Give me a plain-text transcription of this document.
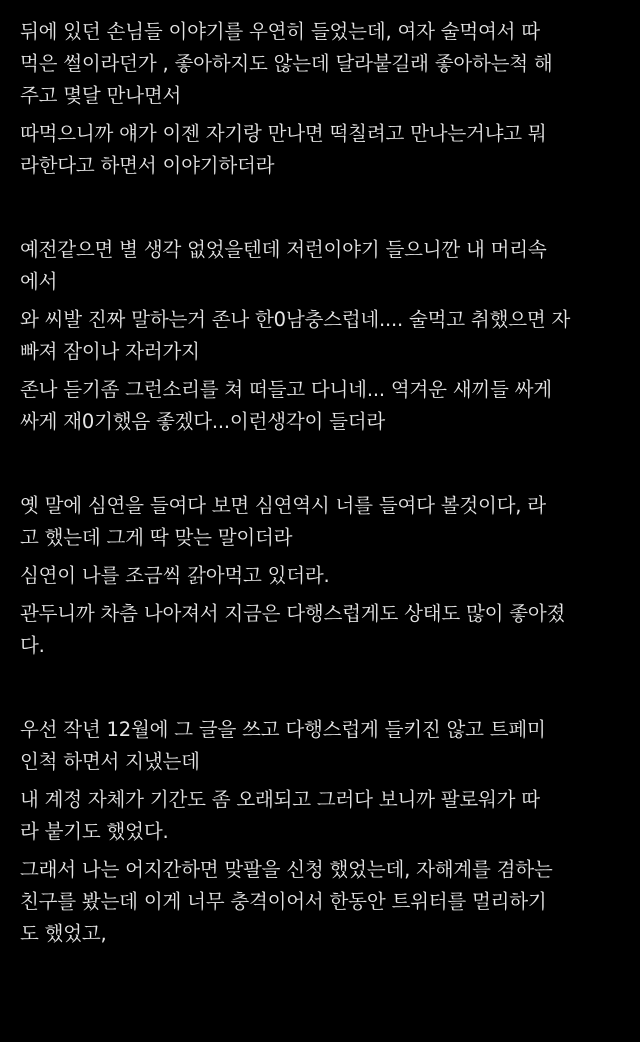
뒤에 있던 손님들 이야기를 우연히 들었는데, 여자 술먹여서 따
먹은 썰이라던가 , 좋아하지도 않는데 달라붙길래 좋아하는척 해
주고 몇달 만나면서

따먹으니까 얘가 이젠 자기랑 만나면 떡칠려고 만나는거냐고 뭐
라한다고 하면서 이야기하더라

예전같으면 별 생각 없었을텐데 저런이야기 들으니깐 내 머리속
에서

와 씨발 진짜 말하는거 존나 한0남충스럽네.... 술먹고 취했으면 자
빠져 잠이나 자러가지

존나 듣기좀 그런소리를 쳐 떠들고 다니네... 역겨운 새끼들 싸게
싸게 재0기했음 좋겠다...이런생각이 들더라

옛 말에 심연을 들여다 보면 심연역시 너를 들여다 볼것이다, 라
고 했는데 그게 딱 맞는 말이더라

심연이 나를 조금씩 갉아먹고 있더라.

관두니까 차츰 나아져서 지금은 다행스럽게도 상태도 많이 좋아졌
다.

우선 작년 12월에 그 글을 쓰고 다행스럽게 들키진 않고 트페미
인척 하면서 지냈는데

내 계정 자체가 기간도 좀 오래되고 그러다 보니까 팔로워가 따
라 붙기도 했었다.

그래서 나는 어지간하면 맞팔을 신청 했었는데, 자해계를 겸하는
친구를 봤는데 이게 너무 충격이어서 한동안 트위터를 멀리하기
도 했었고,
